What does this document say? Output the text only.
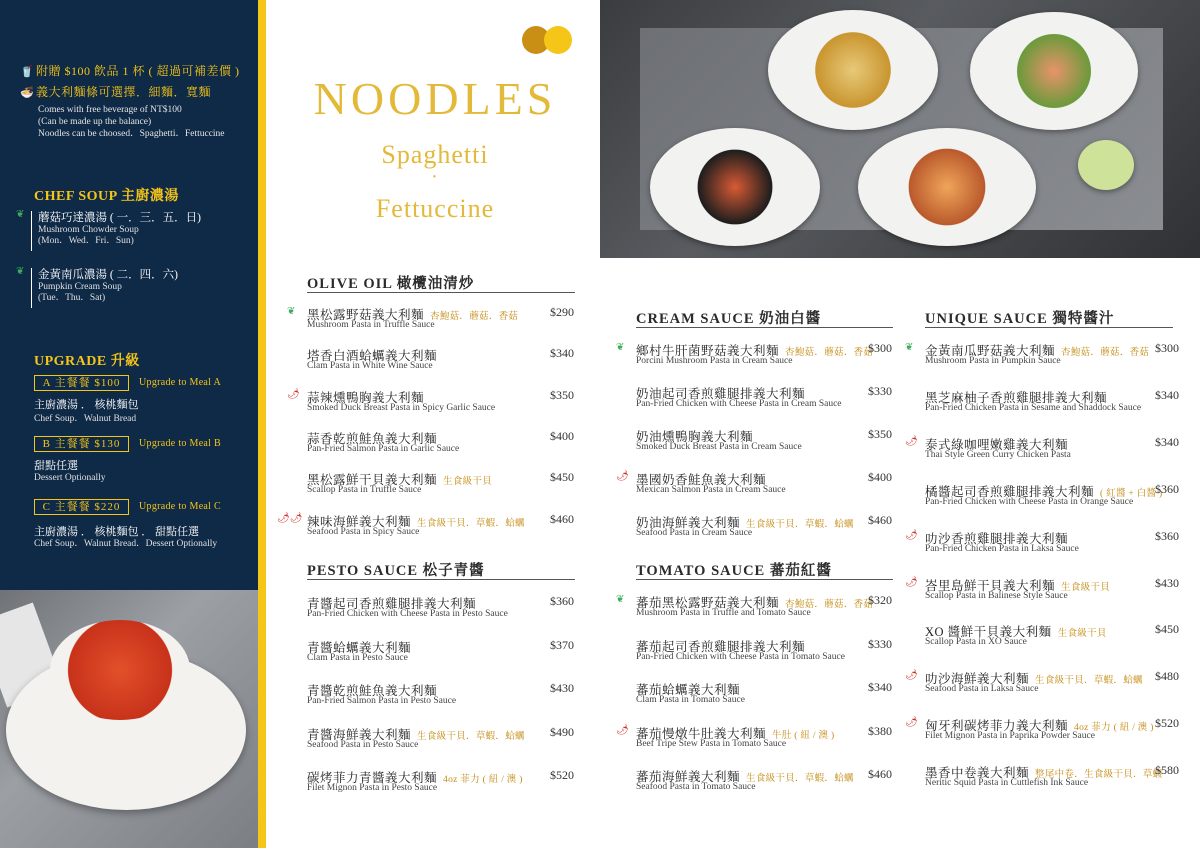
🥤 附贈 $100 飲品 1 杯 ( 超過可補差價 )
🍜 義大利麵條可選擇．細麵．寬麵
Comes with free beverage of NT$100
(Can be made up the balance)
Noodles can be choosed．Spaghetti．Fettuccine
CHEF SOUP 主廚濃湯
❦ 蘑菇巧達濃湯 ( 一．三．五．日)
Mushroom Chowder Soup
(Mon．Wed．Fri．Sun)
❦ 金黃南瓜濃湯 ( 二．四．六)
Pumpkin Cream Soup
(Tue．Thu．Sat)
UPGRADE 升級
A 主餐餐 $100	Upgrade to Meal A
主廚濃湯 ． 核桃麵包
Chef Soup．Walnut Bread
B 主餐餐 $130	Upgrade to Meal B
甜點任選
Dessert Optionally
C 主餐餐 $220	Upgrade to Meal C
主廚濃湯 ． 核桃麵包 ． 甜點任選
Chef Soup．Walnut Bread．Dessert Optionally
NOODLES
Spaghetti
·
Fettuccine
OLIVE OIL 橄欖油清炒
❦ 黑松露野菇義大利麵 杏鮑菇．蘑菇．香菇
Mushroom Pasta in Truffle Sauce
$290
塔香白酒蛤蠣義大利麵
Clam Pasta in White Wine Sauce
$340
🌶 蒜辣燻鴨胸義大利麵
Smoked Duck Breast Pasta in Spicy Garlic Sauce
$350
蒜香乾煎鮭魚義大利麵
Pan-Fried Salmon Pasta in Garlic Sauce
$400
黑松露鮮干貝義大利麵 生食級干貝
Scallop Pasta in Truffle Sauce
$450
🌶🌶 辣味海鮮義大利麵 生食級干貝．草蝦．蛤蠣
Seafood Pasta in Spicy Sauce
$460
PESTO SAUCE 松子青醬
青醬起司香煎雞腿排義大利麵
Pan-Fried Chicken with Cheese Pasta in Pesto Sauce
$360
青醬蛤蠣義大利麵
Clam Pasta in Pesto Sauce
$370
青醬乾煎鮭魚義大利麵
Pan-Fried Salmon Pasta in Pesto Sauce
$430
青醬海鮮義大利麵 生食級干貝．草蝦．蛤蠣
Seafood Pasta in Pesto Sauce
$490
碳烤菲力青醬義大利麵 4oz 菲力 ( 紐 / 澳 )
Filet Mignon Pasta in Pesto Sauce
$520
CREAM SAUCE 奶油白醬
❦ 鄉村牛肝菌野菇義大利麵 杏鮑菇．蘑菇．香菇
Porcini Mushroom Pasta in Cream Sauce
$300
奶油起司香煎雞腿排義大利麵
Pan-Fried Chicken with Cheese Pasta in Cream Sauce
$330
奶油燻鴨胸義大利麵
Smoked Duck Breast Pasta in Cream Sauce
$350
🌶 墨國奶香鮭魚義大利麵
Mexican Salmon Pasta in Cream Sauce
$400
奶油海鮮義大利麵 生食級干貝．草蝦．蛤蠣
Seafood Pasta in Cream Sauce
$460
TOMATO SAUCE 蕃茄紅醬
❦ 蕃茄黑松露野菇義大利麵 杏鮑菇．蘑菇．香菇
Mushroom Pasta in Truffle and Tomato Sauce
$320
蕃茄起司香煎雞腿排義大利麵
Pan-Fried Chicken with Cheese Pasta in Tomato Sauce
$330
蕃茄蛤蠣義大利麵
Clam Pasta in Tomato Sauce
$340
🌶 蕃茄慢燉牛肚義大利麵 牛肚 ( 紐 / 澳 )
Beef Tripe Stew Pasta in Tomato Sauce
$380
蕃茄海鮮義大利麵 生食級干貝．草蝦．蛤蠣
Seafood Pasta in Tomato Sauce
$460
UNIQUE SAUCE 獨特醬汁
❦ 金黃南瓜野菇義大利麵 杏鮑菇．蘑菇．香菇
Mushroom Pasta in Pumpkin Sauce
$300
黑芝麻柚子香煎雞腿排義大利麵
Pan-Fried Chicken Pasta in Sesame and Shaddock Sauce
$340
🌶 泰式綠咖哩嫩雞義大利麵
Thai Style Green Curry Chicken Pasta
$340
橘醬起司香煎雞腿排義大利麵 ( 紅醬 + 白醬 )
Pan-Fried Chicken with Cheese Pasta in Orange Sauce
$360
🌶 叻沙香煎雞腿排義大利麵
Pan-Fried Chicken Pasta in Laksa Sauce
$360
🌶 峇里島鮮干貝義大利麵 生食級干貝
Scallop Pasta in Balinese Style Sauce
$430
XO 醬鮮干貝義大利麵 生食級干貝
Scallop Pasta in XO Sauce
$450
🌶 叻沙海鮮義大利麵 生食級干貝．草蝦．蛤蠣
Seafood Pasta in Laksa Sauce
$480
🌶 匈牙利碳烤菲力義大利麵 4oz 菲力 ( 紐 / 澳 )
Filet Mignon Pasta in Paprika Powder Sauce
$520
墨香中卷義大利麵 整尾中卷．生食級干貝．草蝦
Neritic Squid Pasta in Cuttlefish Ink Sauce
$580
